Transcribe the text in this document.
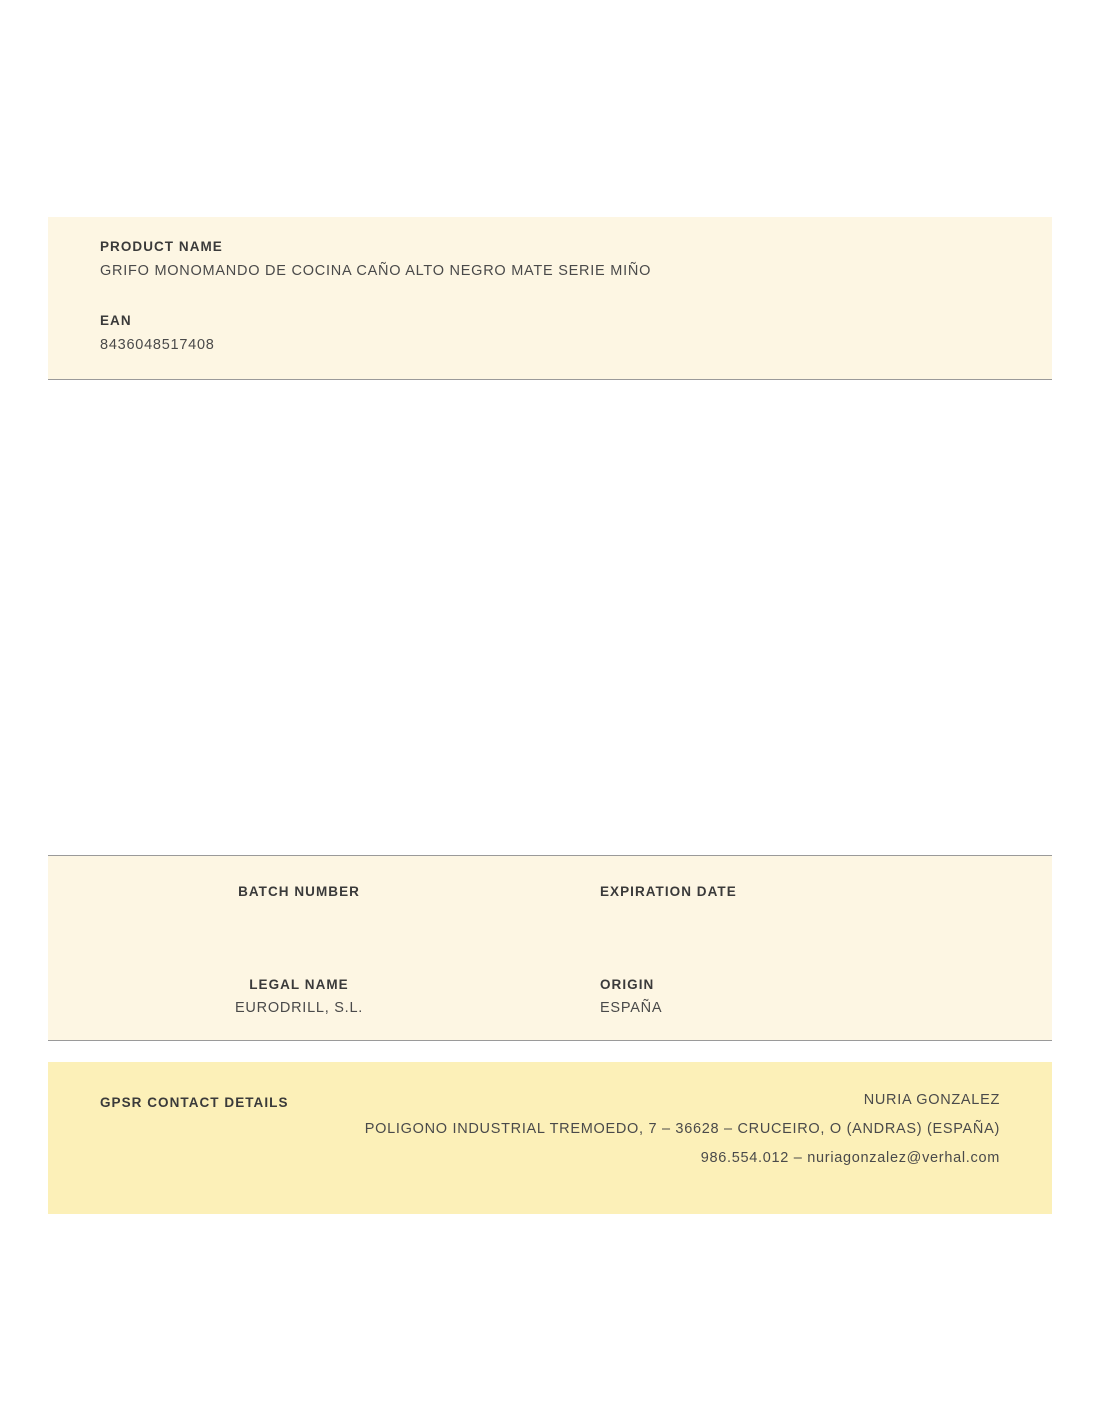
PRODUCT NAME
GRIFO MONOMANDO DE COCINA CAÑO ALTO NEGRO MATE SERIE MIÑO
EAN
8436048517408
BATCH NUMBER	EXPIRATION DATE
LEGAL NAME
EURODRILL, S.L.
ORIGIN
ESPAÑA
GPSR CONTACT DETAILS	NURIA GONZALEZ
POLIGONO INDUSTRIAL TREMOEDO, 7 – 36628 – CRUCEIRO, O (ANDRAS) (ESPAÑA)
986.554.012 – nuriagonzalez@verhal.com
